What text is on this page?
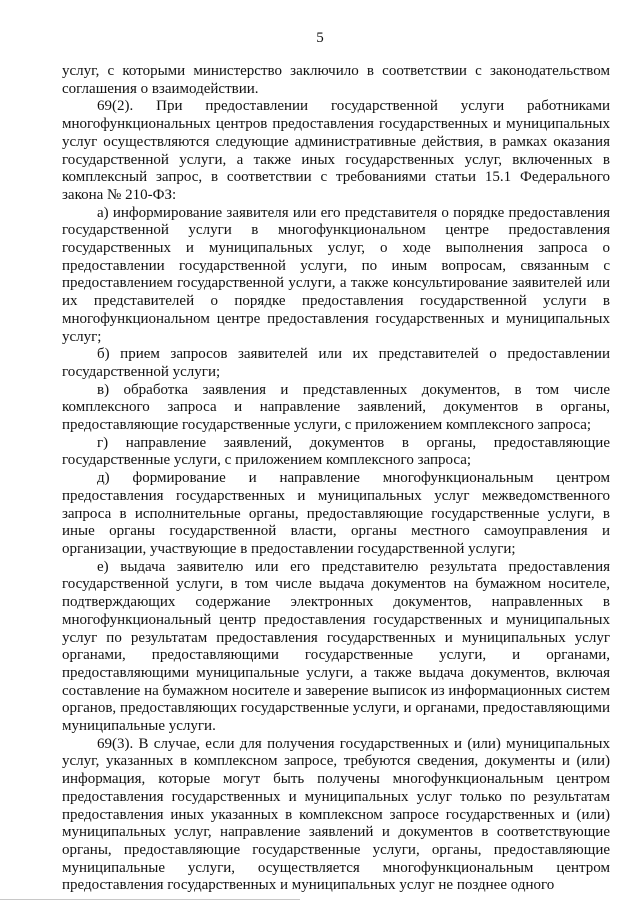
5

услуг, с которыми министерство заключило в соответствии с законодательством соглашения о взаимодействии.

69(2). При предоставлении государственной услуги работниками многофункциональных центров предоставления государственных и муниципальных услуг осуществляются следующие административные действия, в рамках оказания государственной услуги, а также иных государственных услуг, включенных в комплексный запрос, в соответствии с требованиями статьи 15.1 Федерального закона № 210-ФЗ:

а) информирование заявителя или его представителя о порядке предоставления государственной услуги в многофункциональном центре предоставления государственных и муниципальных услуг, о ходе выполнения запроса о предоставлении государственной услуги, по иным вопросам, связанным с предоставлением государственной услуги, а также консультирование заявителей или их представителей о порядке предоставления государственной услуги в многофункциональном центре предоставления государственных и муниципальных услуг;

б) прием запросов заявителей или их представителей о предоставлении государственной услуги;

в) обработка заявления и представленных документов, в том числе комплексного запроса и направление заявлений, документов в органы, предоставляющие государственные услуги, с приложением комплексного запроса;

г) направление заявлений, документов в органы, предоставляющие государственные услуги, с приложением комплексного запроса;

д) формирование и направление многофункциональным центром предоставления государственных и муниципальных услуг межведомственного запроса в исполнительные органы, предоставляющие государственные услуги, в иные органы государственной власти, органы местного самоуправления и организации, участвующие в предоставлении государственной услуги;

е) выдача заявителю или его представителю результата предоставления государственной услуги, в том числе выдача документов на бумажном носителе, подтверждающих содержание электронных документов, направленных в многофункциональный центр предоставления государственных и муниципальных услуг по результатам предоставления государственных и муниципальных услуг органами, предоставляющими государственные услуги, и органами, предоставляющими муниципальные услуги, а также выдача документов, включая составление на бумажном носителе и заверение выписок из информационных систем органов, предоставляющих государственные услуги, и органами, предоставляющими муниципальные услуги.

69(3). В случае, если для получения государственных и (или) муниципальных услуг, указанных в комплексном запросе, требуются сведения, документы и (или) информация, которые могут быть получены многофункциональным центром предоставления государственных и муниципальных услуг только по результатам предоставления иных указанных в комплексном запросе государственных и (или) муниципальных услуг, направление заявлений и документов в соответствующие органы, предоставляющие государственные услуги, органы, предоставляющие муниципальные услуги, осуществляется многофункциональным центром предоставления государственных и муниципальных услуг не позднее одного
